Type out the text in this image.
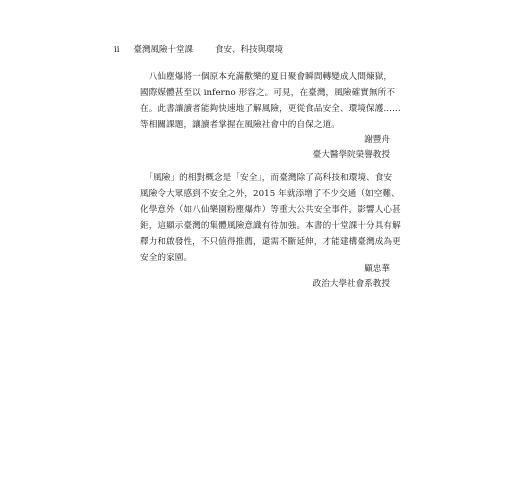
ii 臺灣風險十堂課	食安、科技與環境
　八仙塵爆將一個原本充滿歡樂的夏日聚會瞬間轉變成人間煉獄，
國際媒體甚至以 inferno 形容之。可見，在臺灣，風險確實無所不
在。此書讓讀者能夠快速地了解風險，更從食品安全、環境保護……
等相關課題，讓讀者掌握在風險社會中的自保之道。
謝豐舟
臺大醫學院榮譽教授
　「風險」的相對概念是「安全」，而臺灣除了高科技和環境、食安
風險令大眾感到不安全之外，2015 年就添增了不少交通（如空難、
化學意外（如八仙樂園粉塵爆炸）等重大公共安全事件，影響人心甚
鉅，這顯示臺灣的集體風險意識有待加強。本書的十堂課十分具有解
釋力和啟發性，不只值得推薦，還需不斷延伸，才能建構臺灣成為更
安全的家園。
顧忠華
政治大學社會系教授
